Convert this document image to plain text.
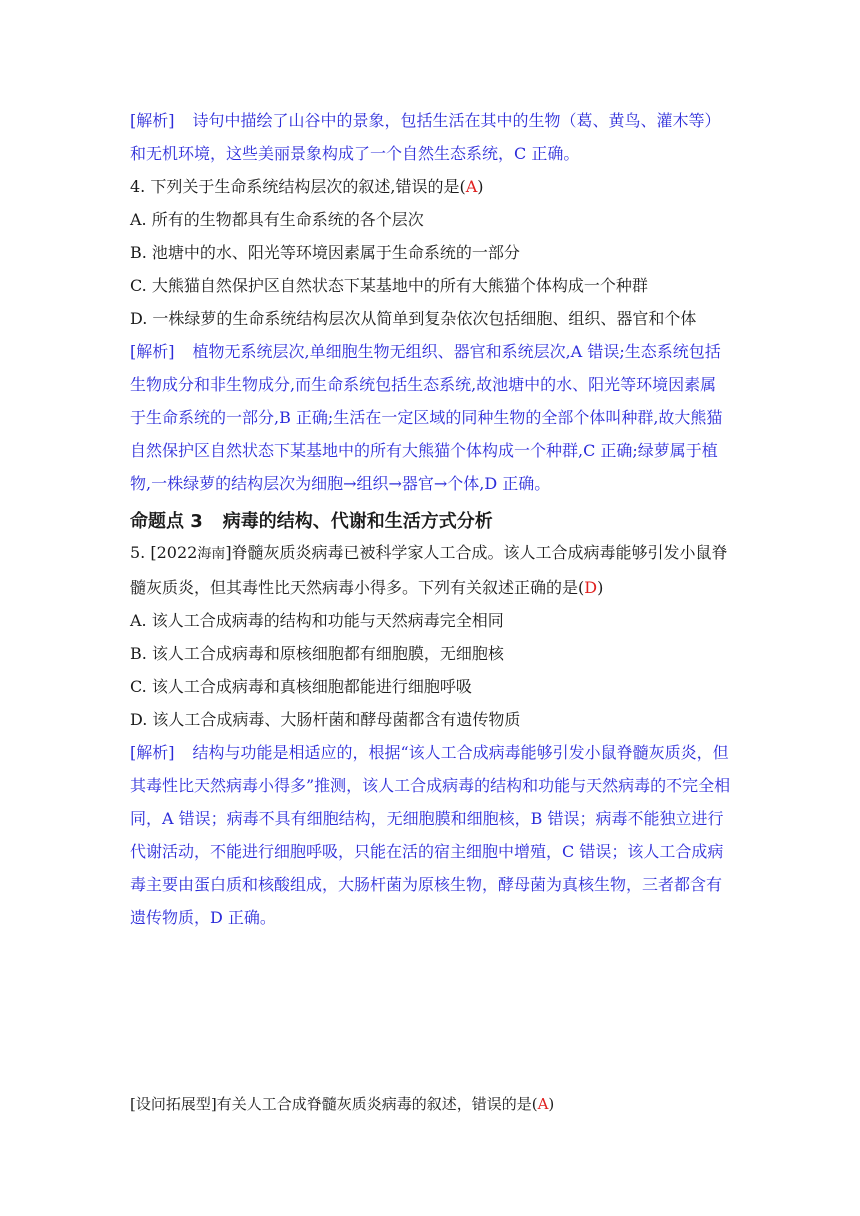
[解析] 诗句中描绘了山谷中的景象，包括生活在其中的生物（葛、黄鸟、灌木等）和无机环境，这些美丽景象构成了一个自然生态系统，C 正确。

4. 下列关于生命系统结构层次的叙述,错误的是(A)

A. 所有的生物都具有生命系统的各个层次

B. 池塘中的水、阳光等环境因素属于生命系统的一部分

C. 大熊猫自然保护区自然状态下某基地中的所有大熊猫个体构成一个种群

D. 一株绿萝的生命系统结构层次从简单到复杂依次包括细胞、组织、器官和个体

[解析] 植物无系统层次,单细胞生物无组织、器官和系统层次,A 错误;生态系统包括生物成分和非生物成分,而生命系统包括生态系统,故池塘中的水、阳光等环境因素属于生命系统的一部分,B 正确;生活在一定区域的同种生物的全部个体叫种群,故大熊猫自然保护区自然状态下某基地中的所有大熊猫个体构成一个种群,C 正确;绿萝属于植物,一株绿萝的结构层次为细胞→组织→器官→个体,D 正确。

命题点 3 病毒的结构、代谢和生活方式分析

5. [2022海南]脊髓灰质炎病毒已被科学家人工合成。该人工合成病毒能够引发小鼠脊髓灰质炎，但其毒性比天然病毒小得多。下列有关叙述正确的是(D)

A. 该人工合成病毒的结构和功能与天然病毒完全相同

B. 该人工合成病毒和原核细胞都有细胞膜，无细胞核

C. 该人工合成病毒和真核细胞都能进行细胞呼吸

D. 该人工合成病毒、大肠杆菌和酵母菌都含有遗传物质

[解析] 结构与功能是相适应的，根据“该人工合成病毒能够引发小鼠脊髓灰质炎，但其毒性比天然病毒小得多”推测，该人工合成病毒的结构和功能与天然病毒的不完全相同，A 错误；病毒不具有细胞结构，无细胞膜和细胞核，B 错误；病毒不能独立进行代谢活动，不能进行细胞呼吸，只能在活的宿主细胞中增殖，C 错误；该人工合成病毒主要由蛋白质和核酸组成，大肠杆菌为原核生物，酵母菌为真核生物，三者都含有遗传物质，D 正确。

[设问拓展型]有关人工合成脊髓灰质炎病毒的叙述，错误的是(A)
